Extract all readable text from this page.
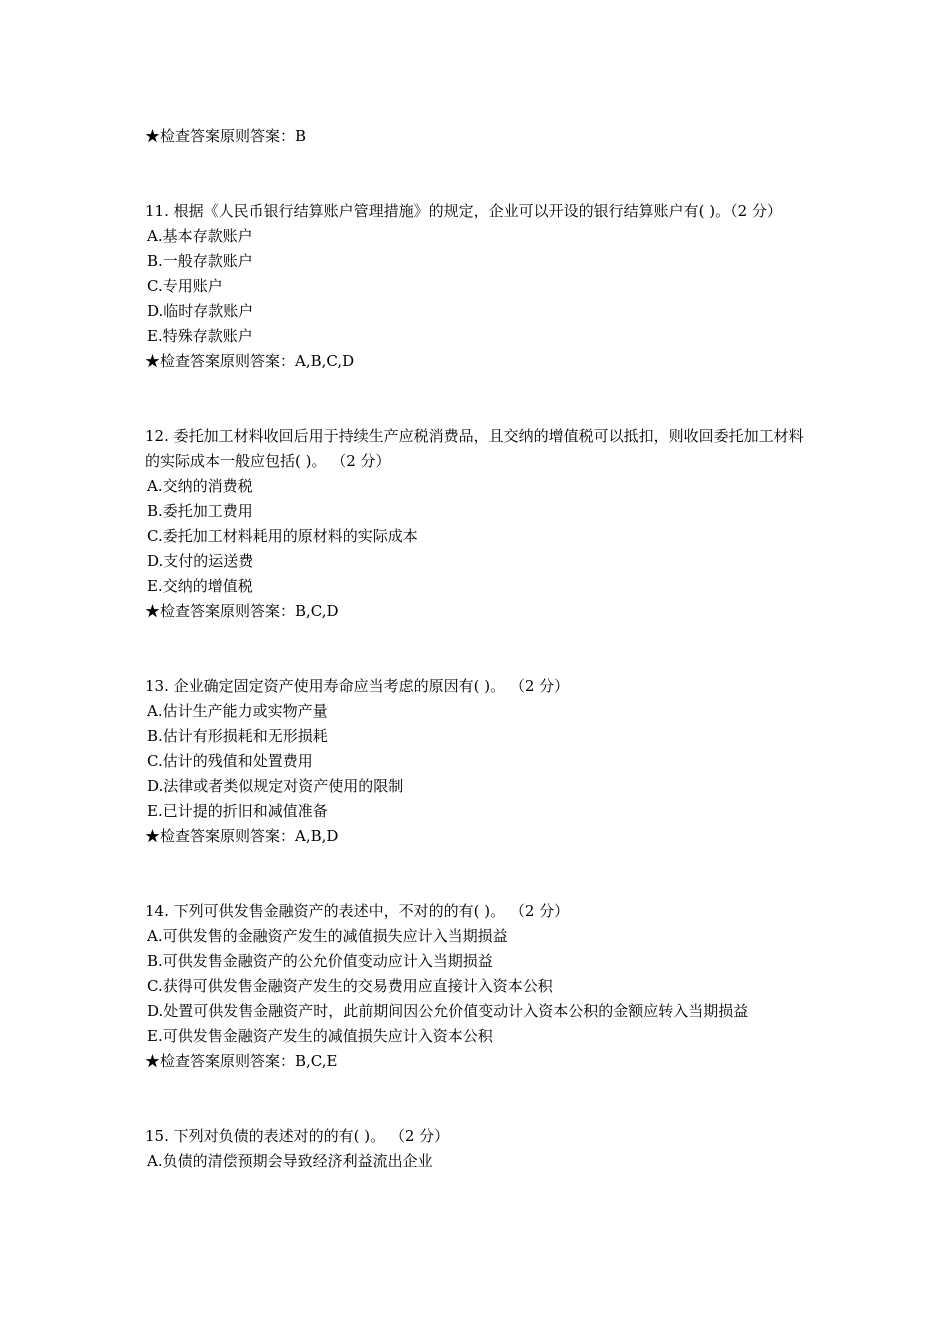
★检查答案原则答案：B
11. 根据《人民币银行结算账户管理措施》的规定，企业可以开设的银行结算账户有( )。（2 分）
A.基本存款账户
B.一般存款账户
C.专用账户
D.临时存款账户
E.特殊存款账户
★检查答案原则答案：A,B,C,D
12. 委托加工材料收回后用于持续生产应税消费品，且交纳的增值税可以抵扣，则收回委托加工材料的实际成本一般应包括( )。 （2 分）
A.交纳的消费税
B.委托加工费用
C.委托加工材料耗用的原材料的实际成本
D.支付的运送费
E.交纳的增值税
★检查答案原则答案：B,C,D
13. 企业确定固定资产使用寿命应当考虑的原因有( )。 （2 分）
A.估计生产能力或实物产量
B.估计有形损耗和无形损耗
C.估计的残值和处置费用
D.法律或者类似规定对资产使用的限制
E.已计提的折旧和减值准备
★检查答案原则答案：A,B,D
14. 下列可供发售金融资产的表述中，不对的的有( )。 （2 分）
A.可供发售的金融资产发生的减值损失应计入当期损益
B.可供发售金融资产的公允价值变动应计入当期损益
C.获得可供发售金融资产发生的交易费用应直接计入资本公积
D.处置可供发售金融资产时，此前期间因公允价值变动计入资本公积的金额应转入当期损益
E.可供发售金融资产发生的减值损失应计入资本公积
★检查答案原则答案：B,C,E
15. 下列对负债的表述对的的有( )。 （2 分）
A.负债的清偿预期会导致经济利益流出企业
